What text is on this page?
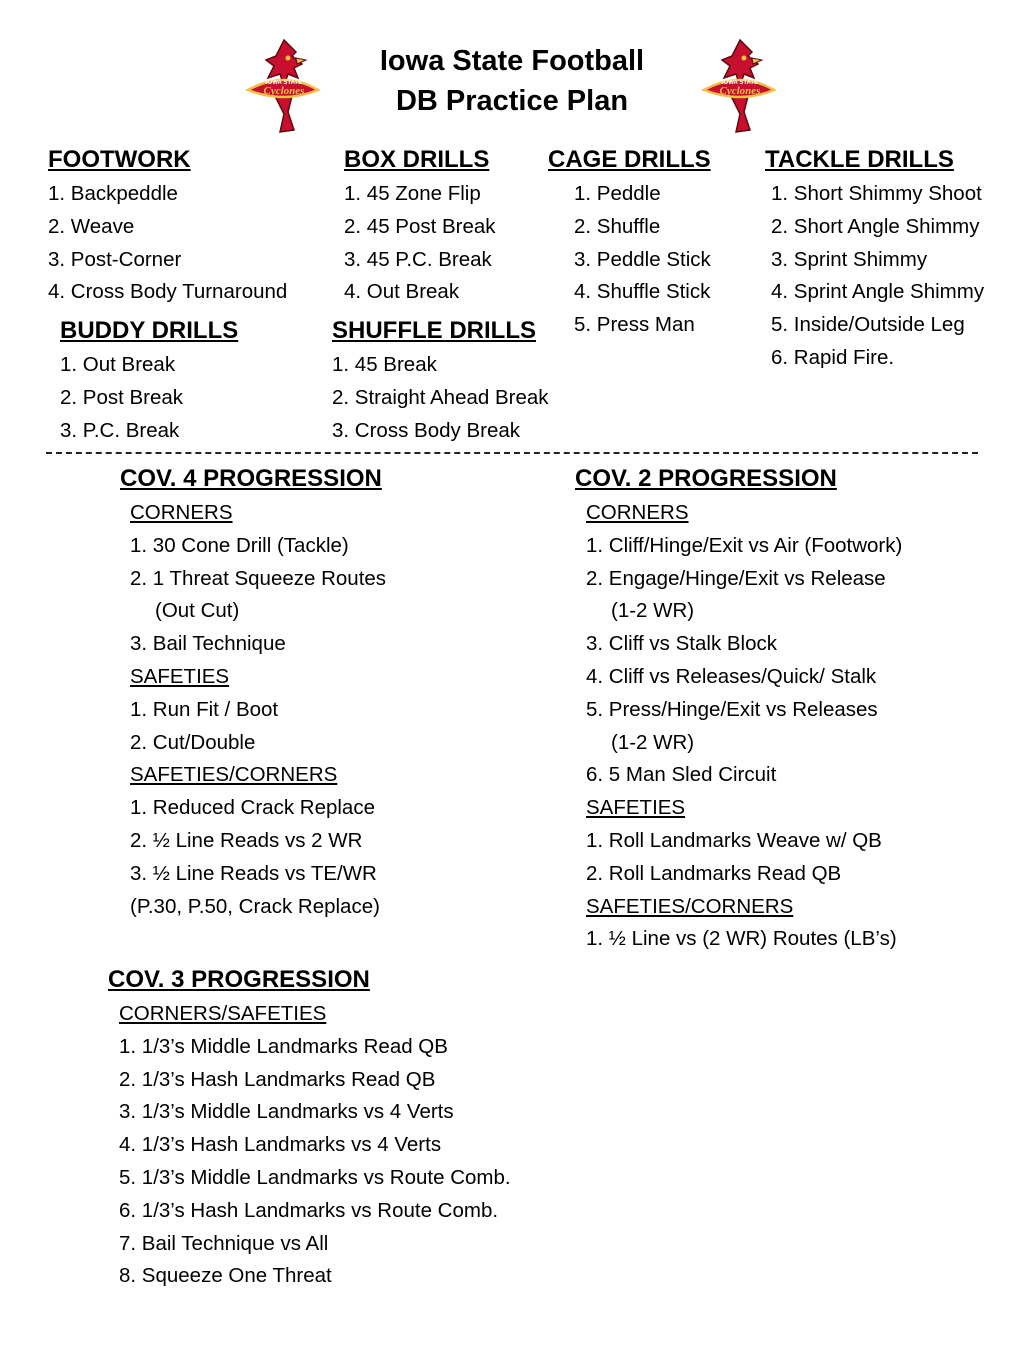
IOWA STATE
Cyclones
IOWA STATE
Cyclones
Iowa State Football
DB Practice Plan
FOOTWORK	BOX DRILLS CAGE DRILLS TACKLE DRILLS
1. Backpeddle
2. Weave
3. Post-Corner
4. Cross Body Turnaround
1. 45 Zone Flip
2. 45 Post Break
3. 45 P.C. Break
4. Out Break
1. Peddle
2. Shuffle
3. Peddle Stick
4. Shuffle Stick
5. Press Man
1. Short Shimmy Shoot
2. Short Angle Shimmy
3. Sprint Shimmy
4. Sprint Angle Shimmy
5. Inside/Outside Leg
6. Rapid Fire.
BUDDY DRILLS	SHUFFLE DRILLS
1. Out Break
2. Post Break
3. P.C. Break
1. 45 Break
2. Straight Ahead Break
3. Cross Body Break
COV. 4 PROGRESSION
CORNERS
1. 30 Cone Drill (Tackle)
2. 1 Threat Squeeze Routes
(Out Cut)
3. Bail Technique
SAFETIES
1. Run Fit / Boot
2. Cut/Double
SAFETIES/CORNERS
1. Reduced Crack Replace
2. ½ Line Reads vs 2 WR
3. ½ Line Reads vs TE/WR
(P.30, P.50, Crack Replace)
COV. 2 PROGRESSION
CORNERS
1. Cliff/Hinge/Exit vs Air (Footwork)
2. Engage/Hinge/Exit vs Release
(1-2 WR)
3. Cliff vs Stalk Block
4. Cliff vs Releases/Quick/ Stalk
5. Press/Hinge/Exit vs Releases
(1-2 WR)
6. 5 Man Sled Circuit
SAFETIES
1. Roll Landmarks Weave w/ QB
2. Roll Landmarks Read QB
SAFETIES/CORNERS
1. ½ Line vs (2 WR) Routes (LB’s)
COV. 3 PROGRESSION
CORNERS/SAFETIES
1. 1/3’s Middle Landmarks Read QB
2. 1/3’s Hash Landmarks Read QB
3. 1/3’s Middle Landmarks vs 4 Verts
4. 1/3’s Hash Landmarks vs 4 Verts
5. 1/3’s Middle Landmarks vs Route Comb.
6. 1/3’s Hash Landmarks vs Route Comb.
7. Bail Technique vs All
8. Squeeze One Threat
